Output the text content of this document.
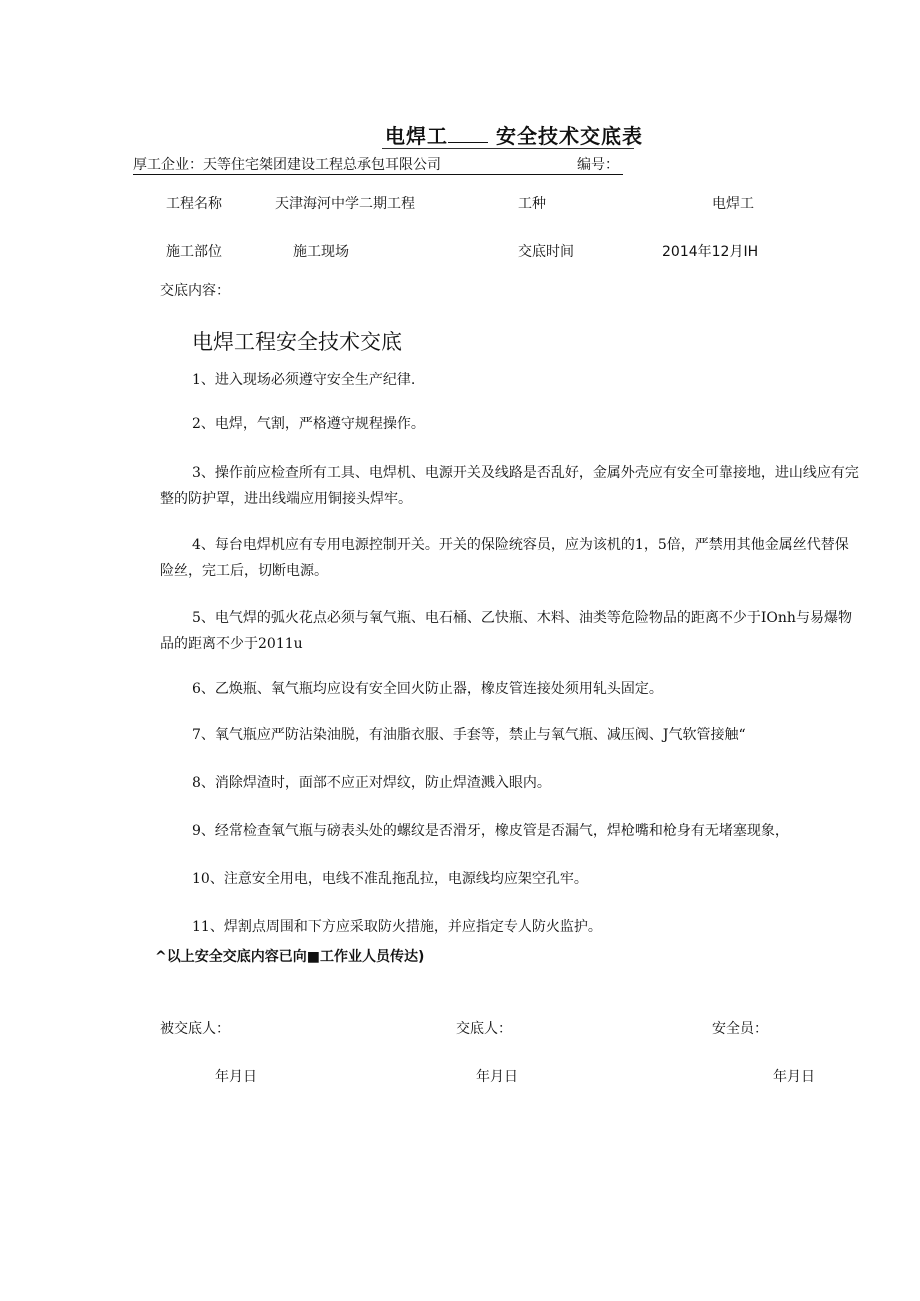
电焊工 安全技术交底表
厚工企业：天等住宅桀团建设工程总承包耳限公司	编号：
工程名称	天津海河中学二期工程	工种	电焊工
施工部位	施工现场	交底时间	2014年12月IH
交底内容：
电焊工程安全技术交底
1、进入现场必须遵守安全生产纪律.
2、电焊，气割，严格遵守规程操作。
3、操作前应检查所有工具、电焊机、电源开关及线路是否乱好，金属外壳应有安全可靠接地，进山线应有完整的防护罩，进出线端应用铜接头焊牢。
4、每台电焊机应有专用电源控制开关。开关的保险统容员，应为该机的1，5倍，严禁用其他金属丝代替保险丝，完工后，切断电源。
5、电气焊的弧火花点必须与氧气瓶、电石桶、乙快瓶、木料、油类等危险物品的距离不少于IOnh与易爆物品的距离不少于2011u
6、乙焕瓶、氧气瓶均应设有安全回火防止器，橡皮管连接处须用轧头固定。
7、氧气瓶应严防沾染油脱，有油脂衣服、手套等，禁止与氧气瓶、减压阀、J气软管接触“
8、消除焊渣时，面部不应正对焊纹，防止焊渣溅入眼内。
9、经常检查氧气瓶与磅表头处的螺纹是否滑牙，橡皮管是否漏气，焊枪嘴和枪身有无堵塞现象，
10、注意安全用电，电线不准乱拖乱拉，电源线均应架空孔牢。
11、焊割点周围和下方应采取防火措施，并应指定专人防火监护。
^以上安全交底内容已向■工作业人员传达)
被交底人：	交底人：	安全员：
年月日	年月日	年月日
